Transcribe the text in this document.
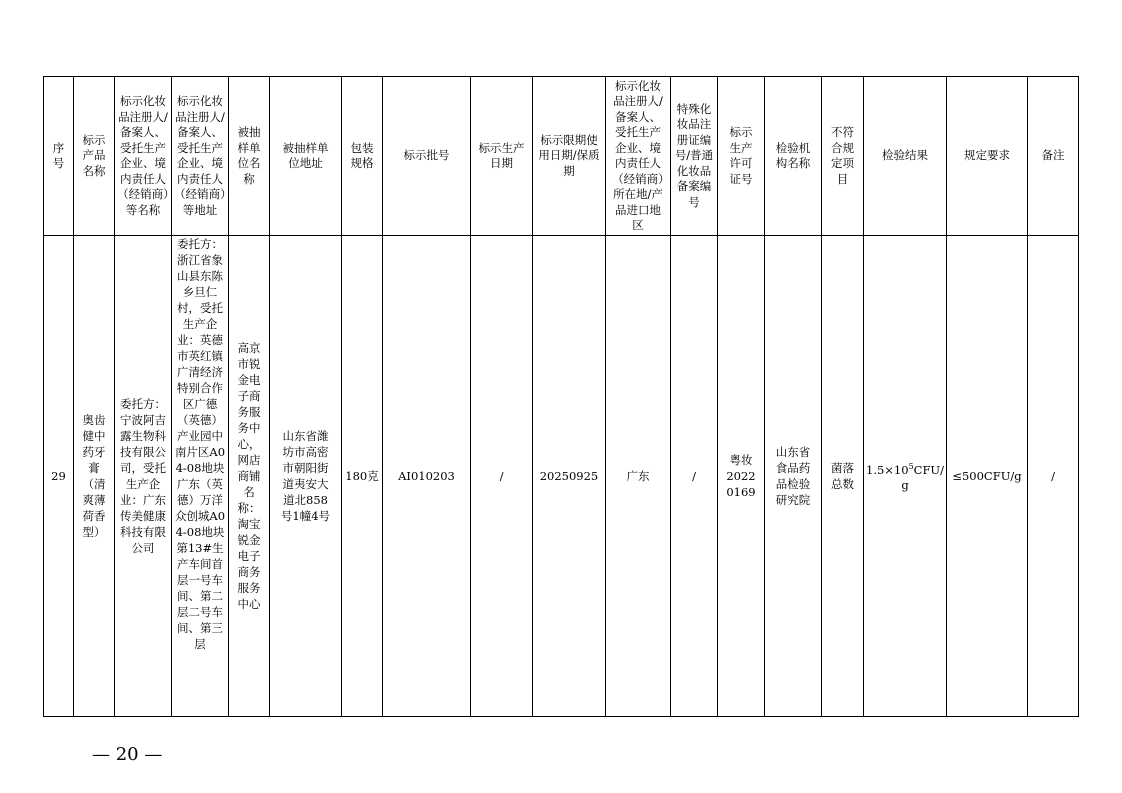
序号	标示产品名称	标示化妆品注册人/备案人、受托生产企业、境内责任人（经销商）等名称	标示化妆品注册人/备案人、受托生产企业、境内责任人（经销商）等地址	被抽样单位名称	被抽样单位地址	包装规格	标示批号	标示生产日期	标示限期使用日期/保质期	标示化妆品注册人/备案人、受托生产企业、境内责任人（经销商）所在地/产品进口地区	特殊化妆品注册证编号/普通化妆品备案编号	标示生产许可证号	检验机构名称	不符合规定项目	检验结果	规定要求	备注

29	奥齿健中药牙膏（清爽薄荷香型）	委托方：宁波阿吉露生物科技有限公司，受托生产企业：广东传美健康科技有限公司	委托方：浙江省象山县东陈乡旦仁村，受托生产企业：英德市英红镇广清经济特别合作区广德（英德）产业园中南片区A04-08地块广东（英德）万洋众创城A04-08地块第13#生产车间首层一号车间、第二层二号车间、第三层	高京市锐金电子商务服务中心，网店商铺名称：淘宝锐金电子商务服务中心	山东省潍坊市高密市朝阳街道夷安大道北858号1幢4号	180克	AI010203	/	20250925	广东	/	粤妆20220169	山东省食品药品检验研究院	菌落总数	$1.5\times 10^5CFU/g$	≤500CFU/g	/
— 20 —
